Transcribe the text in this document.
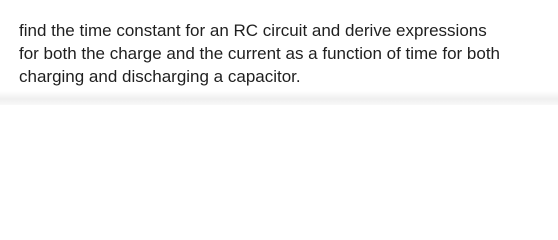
find the time constant for an RC circuit and derive expressions
for both the charge and the current as a function of time for both
charging and discharging a capacitor.
